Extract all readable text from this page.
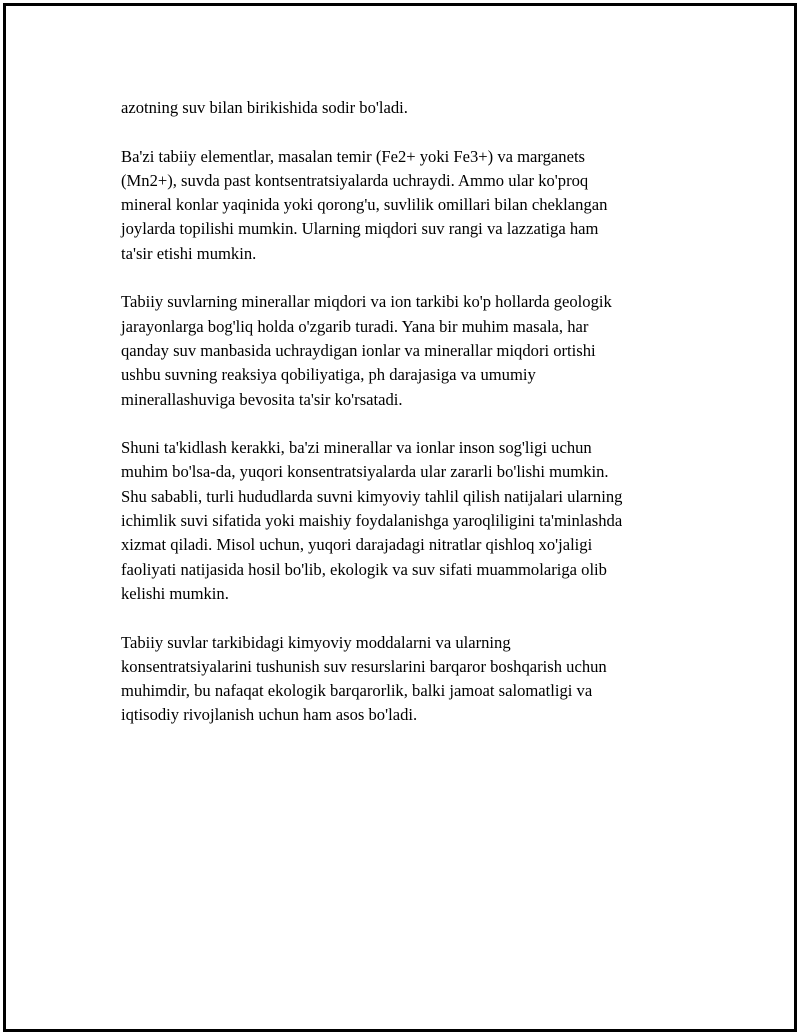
azotning suv bilan birikishida sodir bo'ladi.

Ba'zi tabiiy elementlar, masalan temir (Fe2+ yoki Fe3+) va marganets
(Mn2+), suvda past kontsentratsiyalarda uchraydi. Ammo ular ko'proq
mineral konlar yaqinida yoki qorong'u, suvlilik omillari bilan cheklangan
joylarda topilishi mumkin. Ularning miqdori suv rangi va lazzatiga ham
ta'sir etishi mumkin.

Tabiiy suvlarning minerallar miqdori va ion tarkibi ko'p hollarda geologik
jarayonlarga bog'liq holda o'zgarib turadi. Yana bir muhim masala, har
qanday suv manbasida uchraydigan ionlar va minerallar miqdori ortishi
ushbu suvning reaksiya qobiliyatiga, ph darajasiga va umumiy
minerallashuviga bevosita ta'sir ko'rsatadi.

Shuni ta'kidlash kerakki, ba'zi minerallar va ionlar inson sog'ligi uchun
muhim bo'lsa-da, yuqori konsentratsiyalarda ular zararli bo'lishi mumkin.
Shu sababli, turli hududlarda suvni kimyoviy tahlil qilish natijalari ularning
ichimlik suvi sifatida yoki maishiy foydalanishga yaroqliligini ta'minlashda
xizmat qiladi. Misol uchun, yuqori darajadagi nitratlar qishloq xo'jaligi
faoliyati natijasida hosil bo'lib, ekologik va suv sifati muammolariga olib
kelishi mumkin.

Tabiiy suvlar tarkibidagi kimyoviy moddalarni va ularning
konsentratsiyalarini tushunish suv resurslarini barqaror boshqarish uchun
muhimdir, bu nafaqat ekologik barqarorlik, balki jamoat salomatligi va
iqtisodiy rivojlanish uchun ham asos bo'ladi.
